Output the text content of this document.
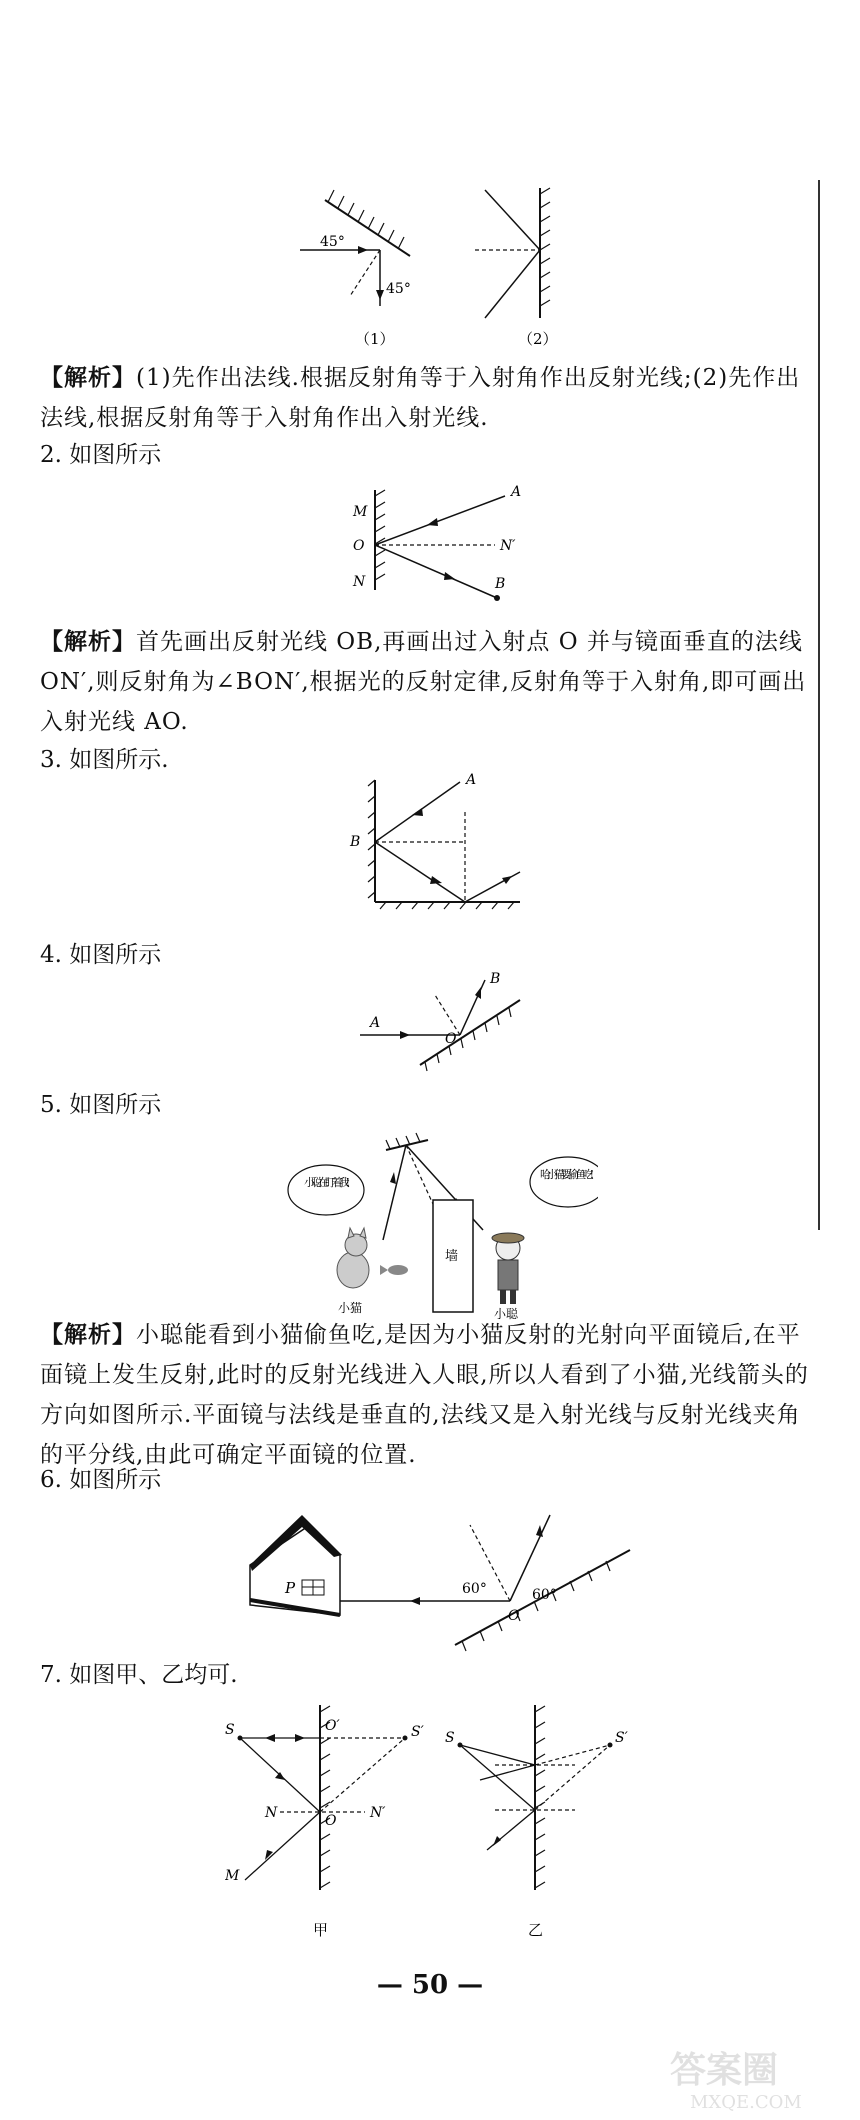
45°
45°
（1）	（2）
【解析】(1)先作出法线.根据反射角等于入射角作出反射光线;(2)先作出法线,根据反射角等于入射角作出入射光线.
2. 如图所示
M
O
N
A
N′
B
【解析】首先画出反射光线 OB,再画出过入射点 O 并与镜面垂直的法线 ON′,则反射角为∠BON′,根据光的反射定律,反射角等于入射角,即可画出入射光线 AO.
3. 如图所示.
A
B
4. 如图所示
A
B
O
5. 如图所示
小聪在盯着我!
哈,小猫要偷鱼吃!
墙
小猫	小聪
【解析】小聪能看到小猫偷鱼吃,是因为小猫反射的光射向平面镜后,在平面镜上发生反射,此时的反射光线进入人眼,所以人看到了小猫,光线箭头的方向如图所示.平面镜与法线是垂直的,法线又是入射光线与反射光线夹角的平分线,由此可确定平面镜的位置.
6. 如图所示
P	60°	60°
O
7. 如图甲、乙均可.
S	S′
O′
N	N′
O
M
甲
S	S′
乙
— 50 —
答案圈
MXQE.COM
